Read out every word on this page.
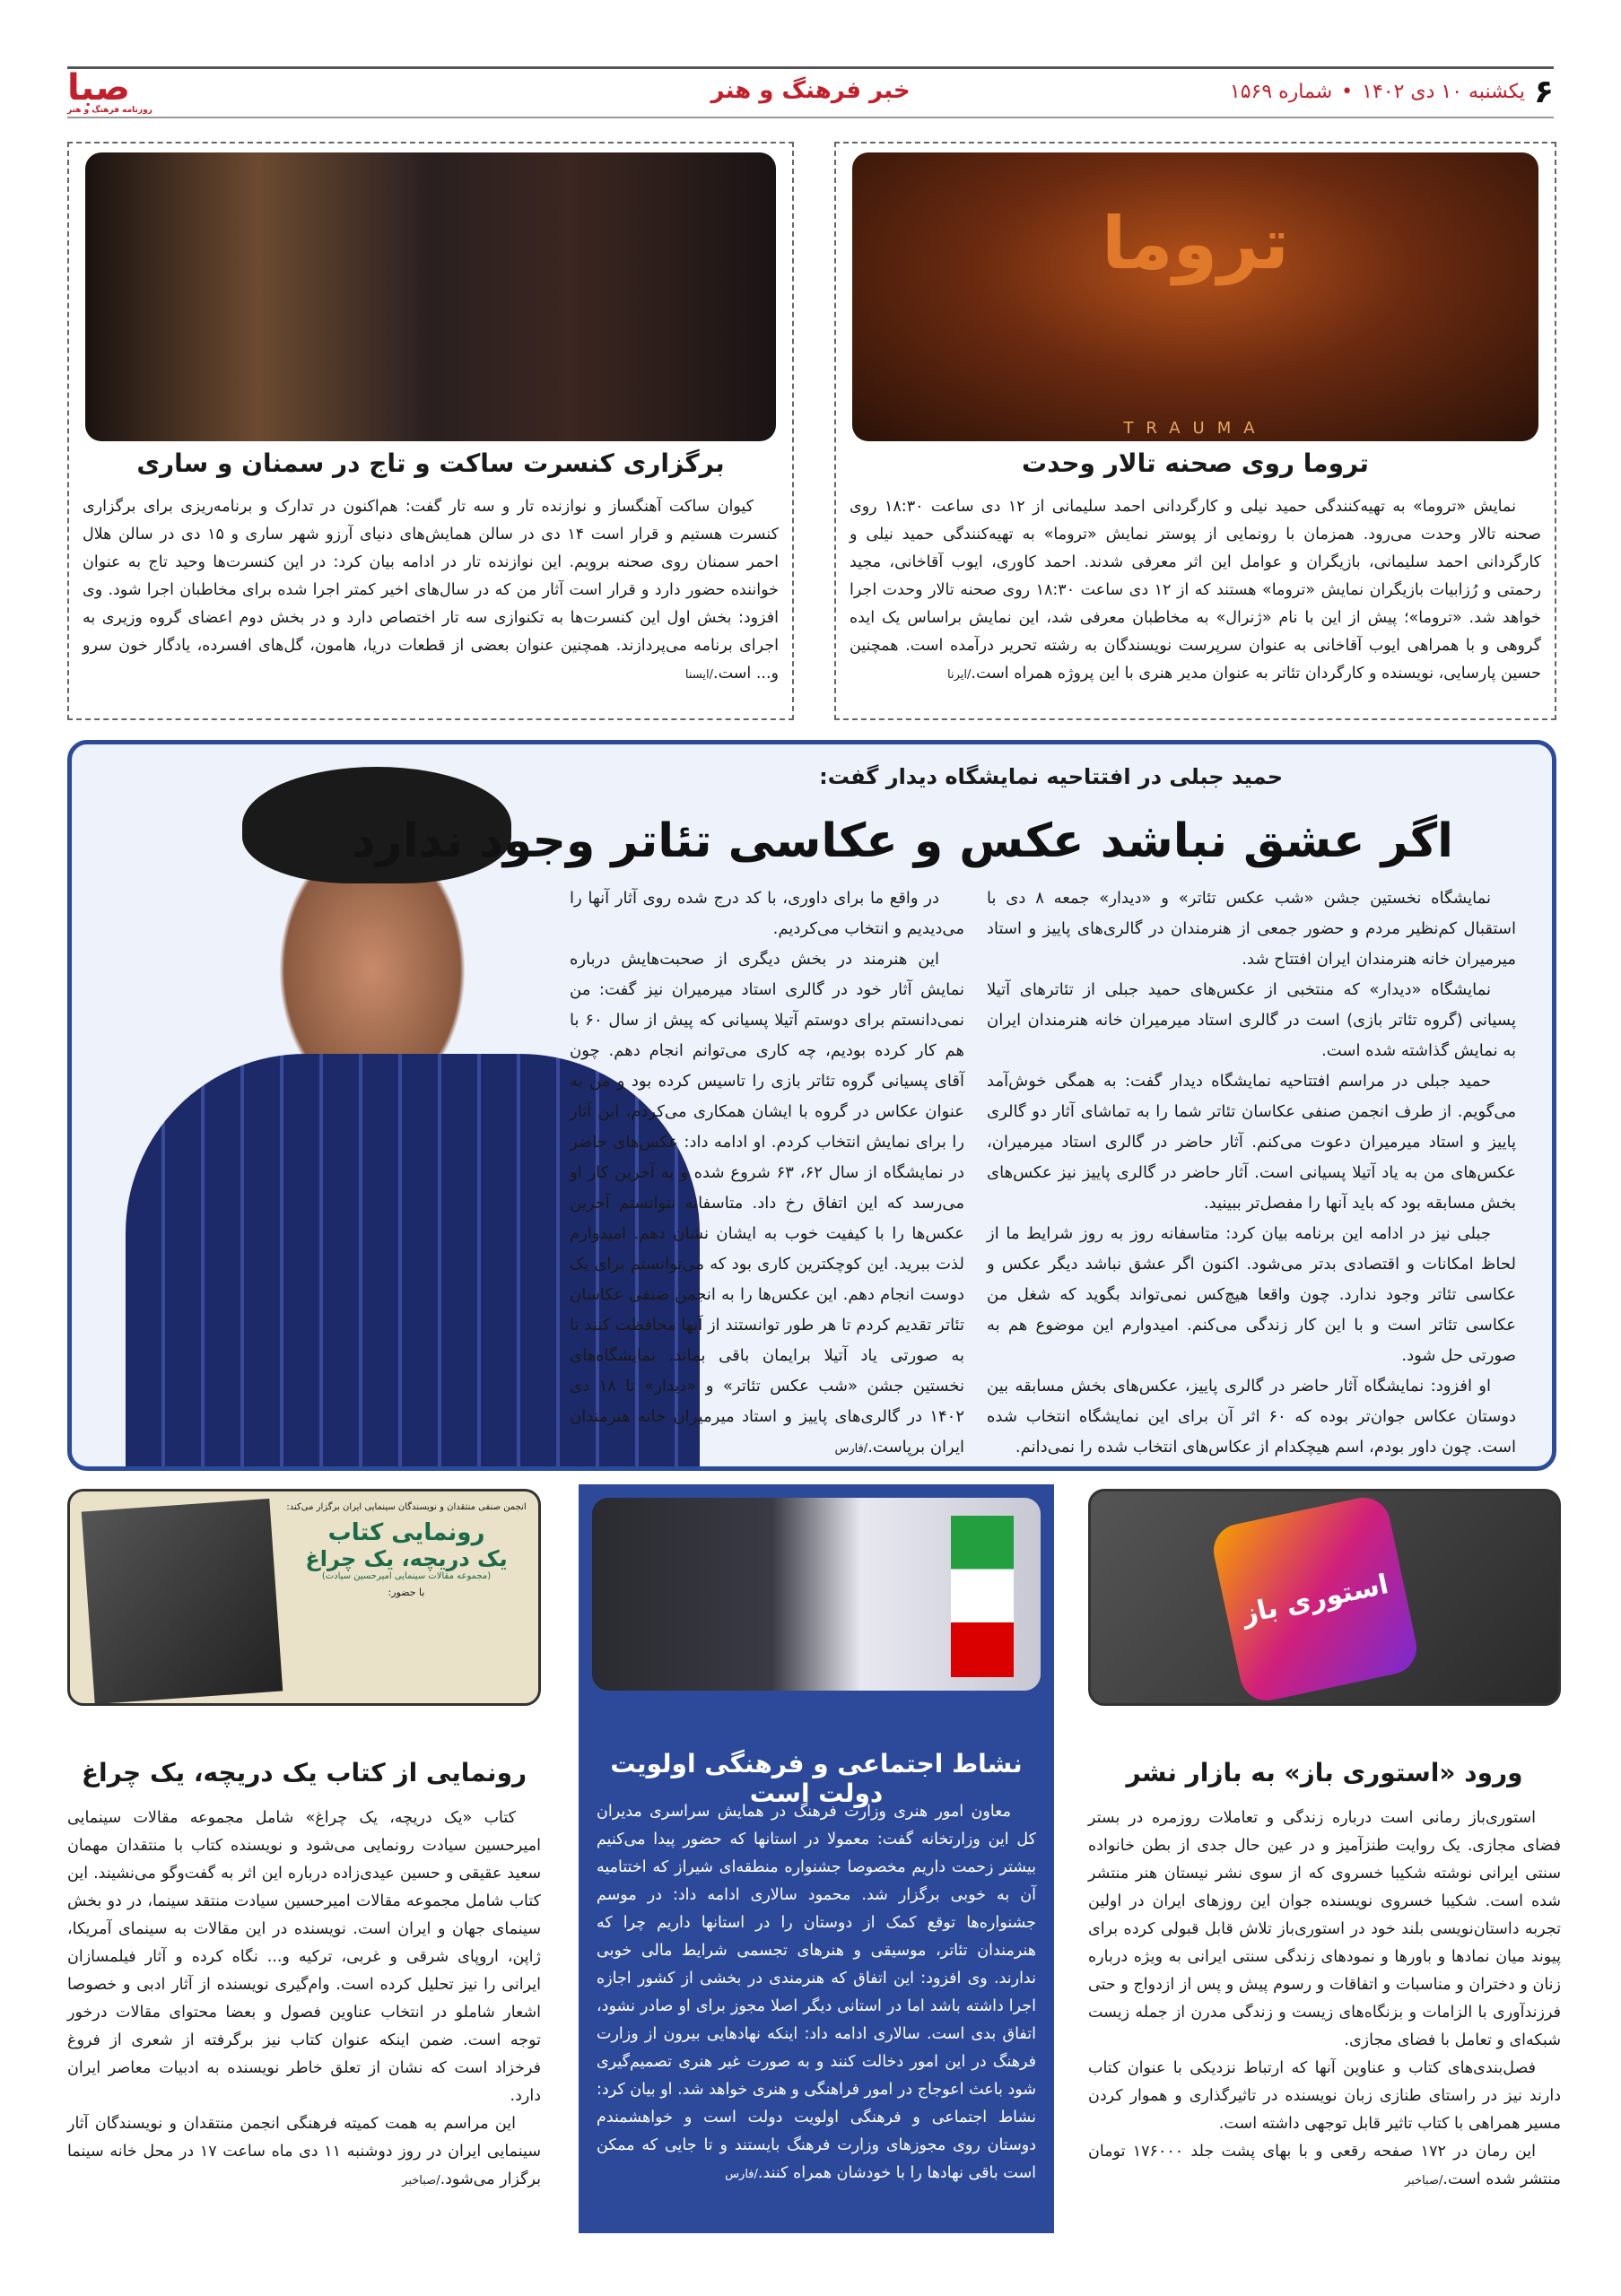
۶
یکشنبه ۱۰ دی ۱۴۰۲
•
شماره ۱۵۶۹
خبر فرهنگ و هنر
صبا
روزنامه فرهنگ و هنر
تروما
TRAUMA
تروما روی صحنه تالار وحدت

نمایش «تروما» به تهیه‌کنندگی حمید نیلی و کارگردانی احمد سلیمانی از ۱۲ دی ساعت ۱۸:۳۰ روی صحنه تالار وحدت می‌رود. همزمان با رونمایی از پوستر نمایش «تروما» به تهیه‌کنندگی حمید نیلی و کارگردانی احمد سلیمانی، بازیگران و عوامل این اثر معرفی شدند. احمد کاوری، ایوب آقاخانی، مجید رحمتی و رُزابیات بازیگران نمایش «تروما» هستند که از ۱۲ دی ساعت ۱۸:۳۰ روی صحنه تالار وحدت اجرا خواهد شد. «تروما»؛ پیش از این با نام «ژنرال» به مخاطبان معرفی شد، این نمایش براساس یک ایده گروهی و با همراهی ایوب آقاخانی به عنوان سرپرست نویسندگان به رشته تحریر درآمده است. همچنین حسین پارسایی، نویسنده و کارگردان تئاتر به عنوان مدیر هنری با این پروژه همراه است./ایرنا

برگزاری کنسرت ساکت و تاج در سمنان و ساری

کیوان ساکت آهنگساز و نوازنده تار و سه تار گفت: هم‌اکنون در تدارک و برنامه‌ریزی برای برگزاری کنسرت هستیم و قرار است ۱۴ دی در سالن همایش‌های دنیای آرزو شهر ساری و ۱۵ دی در سالن هلال احمر سمنان روی صحنه برویم. این نوازنده تار در ادامه بیان کرد: در این کنسرت‌ها وحید تاج به عنوان خواننده حضور دارد و قرار است آثار من که در سال‌های اخیر کمتر اجرا شده برای مخاطبان اجرا شود. وی افزود: بخش اول این کنسرت‌ها به تکنوازی سه تار اختصاص دارد و در بخش دوم اعضای گروه وزیری به اجرای برنامه می‌پردازند. همچنین عنوان بعضی از قطعات دریا، هامون، گل‌های افسرده، یادگار خون سرو و... است./ایسنا

حمید جبلی در افتتاحیه نمایشگاه دیدار گفت:
اگر عشق نباشد عکس و عکاسی تئاتر وجود ندارد

نمایشگاه نخستین جشن «شب عکس تئاتر» و «دیدار» جمعه ۸ دی با استقبال کم‌نظیر مردم و حضور جمعی از هنرمندان در گالری‌های پاییز و استاد میرمیران خانه هنرمندان ایران افتتاح شد.

نمایشگاه «دیدار» که منتخبی از عکس‌های حمید جبلی از تئاترهای آتیلا پسیانی (گروه تئاتر بازی) است در گالری استاد میرمیران خانه هنرمندان ایران به نمایش گذاشته شده است.

حمید جبلی در مراسم افتتاحیه نمایشگاه دیدار گفت: به همگی خوش‌آمد می‌گویم. از طرف انجمن صنفی عکاسان تئاتر شما را به تماشای آثار دو گالری پاییز و استاد میرمیران دعوت می‌کنم. آثار حاضر در گالری استاد میرمیران، عکس‌های من به یاد آتیلا پسیانی است. آثار حاضر در گالری پاییز نیز عکس‌های بخش مسابقه بود که باید آنها را مفصل‌تر ببینید.

جبلی نیز در ادامه این برنامه بیان کرد: متاسفانه روز به روز شرایط ما از لحاظ امکانات و اقتصادی بدتر می‌شود. اکنون اگر عشق نباشد دیگر عکس و عکاسی تئاتر وجود ندارد. چون واقعا هیچ‌کس نمی‌تواند بگوید که شغل من عکاسی تئاتر است و با این کار زندگی می‌کنم. امیدوارم این موضوع هم به صورتی حل شود.

او افزود: نمایشگاه آثار حاضر در گالری پاییز، عکس‌های بخش مسابقه بین دوستان عکاس جوان‌تر بوده که ۶۰ اثر آن برای این نمایشگاه انتخاب شده است. چون داور بودم، اسم هیچکدام از عکاس‌های انتخاب شده را نمی‌دانم.

در واقع ما برای داوری، با کد درج شده روی آثار آنها را می‌دیدیم و انتخاب می‌کردیم.

این هنرمند در بخش دیگری از صحبت‌هایش درباره نمایش آثار خود در گالری استاد میرمیران نیز گفت: من نمی‌دانستم برای دوستم آتیلا پسیانی که پیش از سال ۶۰ با هم کار کرده بودیم، چه کاری می‌توانم انجام دهم. چون آقای پسیانی گروه تئاتر بازی را تاسیس کرده بود و من به عنوان عکاس در گروه با ایشان همکاری می‌کردم، این آثار را برای نمایش انتخاب کردم. او ادامه داد: عکس‌های حاضر در نمایشگاه از سال ۶۲، ۶۳ شروع شده و به آخرین کار او می‌رسد که این اتفاق رخ داد. متاسفانه نتوانستم آخرین عکس‌ها را با کیفیت خوب به ایشان نشان دهم. امیدوارم لذت ببرید. این کوچکترین کاری بود که می‌توانستم برای یک دوست انجام دهم. این عکس‌ها را به انجمن صنفی عکاسان تئاتر تقدیم کردم تا هر طور توانستند از آنها محافظت کنند تا به صورتی یاد آتیلا برایمان باقی بماند. نمایشگاه‌های نخستین جشن «شب عکس تئاتر» و «دیدار» تا ۱۸ دی ۱۴۰۲ در گالری‌های پاییز و استاد میرمیران خانه هنرمندان ایران برپاست./فارس

استوری باز
ورود «استوری باز» به بازار نشر

استوری‌باز رمانی است درباره زندگی و تعاملات روزمره در بستر فضای مجازی. یک روایت طنزآمیز و در عین حال جدی از بطن خانواده سنتی ایرانی نوشته شکیبا خسروی که از سوی نشر نیستان هنر منتشر شده است. شکیبا خسروی نویسنده جوان این روزهای ایران در اولین تجربه داستان‌نویسی بلند خود در استوری‌باز تلاش قابل قبولی کرده برای پیوند میان نمادها و باورها و نمودهای زندگی سنتی ایرانی به ویژه درباره زنان و دختران و مناسبات و اتفاقات و رسوم پیش و پس از ازدواج و حتی فرزندآوری با الزامات و بزنگاه‌های زیست و زندگی مدرن از جمله زیست شبکه‌ای و تعامل با فضای مجازی.

فصل‌بندی‌های کتاب و عناوین آنها که ارتباط نزدیکی با عنوان کتاب دارند نیز در راستای طنازی زبان نویسنده در تاثیرگذاری و هموار کردن مسیر همراهی با کتاب تاثیر قابل توجهی داشته است.

این رمان در ۱۷۲ صفحه رقعی و با بهای پشت جلد ۱۷۶۰۰۰ تومان منتشر شده است./صباخبر

نشاط اجتماعی و فرهنگی اولویت دولت است

معاون امور هنری وزارت فرهنگ در همایش سراسری مدیران کل این وزارتخانه گفت: معمولا در استانها که حضور پیدا می‌کنیم بیشتر زحمت داریم مخصوصا جشنواره منطقه‌ای شیراز که اختتامیه آن به خوبی برگزار شد. محمود سالاری ادامه داد: در موسم جشنواره‌ها توقع کمک از دوستان را در استانها داریم چرا که هنرمندان تئاتر، موسیقی و هنرهای تجسمی شرایط مالی خوبی ندارند. وی افزود: این اتفاق که هنرمندی در بخشی از کشور اجازه اجرا داشته باشد اما در استانی دیگر اصلا مجوز برای او صادر نشود، اتفاق بدی است. سالاری ادامه داد: اینکه نهادهایی بیرون از وزارت فرهنگ در این امور دخالت کنند و به صورت غیر هنری تصمیم‌گیری شود باعث اعوجاج در امور فراهنگی و هنری خواهد شد. او بیان کرد: نشاط اجتماعی و فرهنگی اولویت دولت است و خواهشمندم دوستان روی مجوزهای وزارت فرهنگ بایستند و تا جایی که ممکن است باقی نهادها را با خودشان همراه کنند./فارس

انجمن صنفی منتقدان و نویسندگان سینمایی ایران برگزار می‌کند:
رونمایی کتاب
یک دریچه، یک چراغ
(مجموعه مقالات سینمایی امیرحسین سیادت)
با حضور:
رونمایی از کتاب یک دریچه، یک چراغ

کتاب «یک دریچه، یک چراغ» شامل مجموعه مقالات سینمایی امیرحسین سیادت رونمایی می‌شود و نویسنده کتاب با منتقدان مهمان سعید عقیقی و حسین عیدی‌زاده درباره این اثر به گفت‌وگو می‌نشیند. این کتاب شامل مجموعه مقالات امیرحسین سیادت منتقد سینما، در دو بخش سینمای جهان و ایران است. نویسنده در این مقالات به سینمای آمریکا، ژاپن، اروپای شرقی و غربی، ترکیه و... نگاه کرده و آثار فیلمسازان ایرانی را نیز تحلیل کرده است. وام‌گیری نویسنده از آثار ادبی و خصوصا اشعار شاملو در انتخاب عناوین فصول و بعضا محتوای مقالات درخور توجه است. ضمن اینکه عنوان کتاب نیز برگرفته از شعری از فروغ فرخزاد است که نشان از تعلق خاطر نویسنده به ادبیات معاصر ایران دارد.

این مراسم به همت کمیته فرهنگی انجمن منتقدان و نویسندگان آثار سینمایی ایران در روز دوشنبه ۱۱ دی ماه ساعت ۱۷ در محل خانه سینما برگزار می‌شود./صباخبر
